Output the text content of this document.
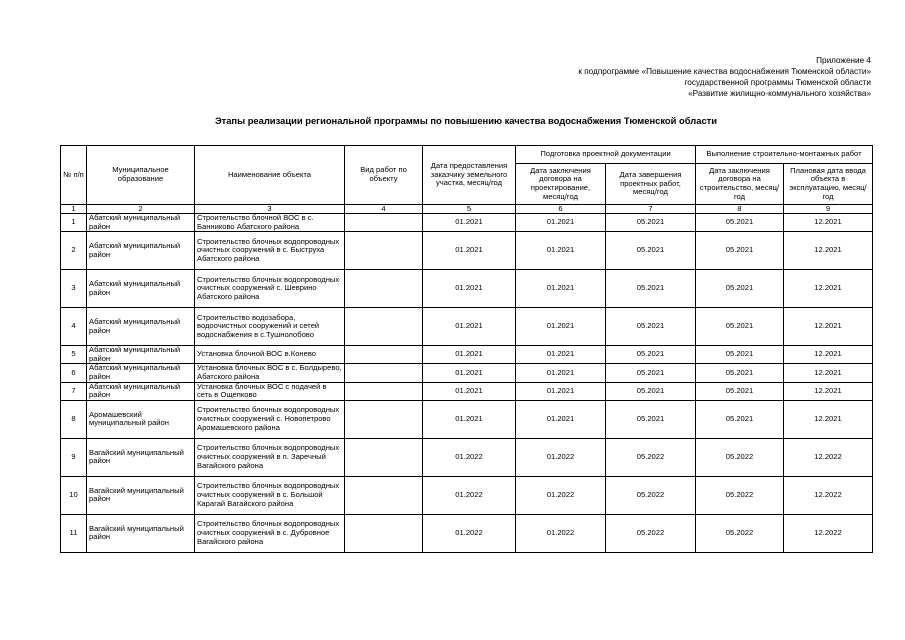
Приложение 4
к подпрограмме «Повышение качества водоснабжения Тюменской области»
государственной программы Тюменской области
«Развитие жилищно-коммунального хозяйства»
Этапы реализации региональной программы по повышению качества водоснабжения Тюменской области
№ п/п	Муниципальное образование	Наименование объекта	Вид работ по объекту	Дата предоставления заказчику земельного участка, месяц/год	Подготовка проектной документации		Выполнение строительно-монтажных работ	
					Дата заключения договора на проектирование, месяц/год	Дата завершения проектных работ, месяц/год	Дата заключения договора на строительство, месяц/год	Плановая дата ввода объекта в эксплуатацию, месяц/год
1	2	3	4	5	6	7	8	9
1	Абатский муниципальный район	Строительство блочной ВОС в с. Банниково Абатского района		01.2021	01.2021	05.2021	05.2021	12.2021
2	Абатский муниципальный район	Строительство блочных водопроводных очистных сооружений в с. Быструха Абатского района		01.2021	01.2021	05.2021	05.2021	12.2021
3	Абатский муниципальный район	Строительство блочных водопроводных очистных сооружений с. Шеврино Абатского района		01.2021	01.2021	05.2021	05.2021	12.2021
4	Абатский муниципальный район	Строительство водозабора, водоочистных сооружений и сетей водоснабжения в с.Тушнолобово		01.2021	01.2021	05.2021	05.2021	12.2021
5	Абатский муниципальный район	Установка блочной ВОС в.Конево		01.2021	01.2021	05.2021	05.2021	12.2021
6	Абатский муниципальный район	Установка блочных ВОС в с. Болдырево, Абатского района		01.2021	01.2021	05.2021	05.2021	12.2021
7	Абатский муниципальный район	Установка блочных ВОС с подачей в сеть в Ощепково		01.2021	01.2021	05.2021	05.2021	12.2021
8	Аромашевский муниципальный район	Строительство блочных водопроводных очистных сооружений с. Новопетрово Аромашевского района		01.2021	01.2021	05.2021	05.2021	12.2021
9	Вагайский муниципальный район	Строительство блочных водопроводных очистных сооружений в п. Заречный Вагайского района		01.2022	01.2022	05.2022	05.2022	12.2022
10	Вагайский муниципальный район	Строительство блочных водопроводных очистных сооружений в с. Большой Карагай Вагайского района		01.2022	01.2022	05.2022	05.2022	12.2022
11	Вагайский муниципальный район	Строительство блочных водопроводных очистных сооружений в с. Дубровное Вагайского района		01.2022	01.2022	05.2022	05.2022	12.2022
